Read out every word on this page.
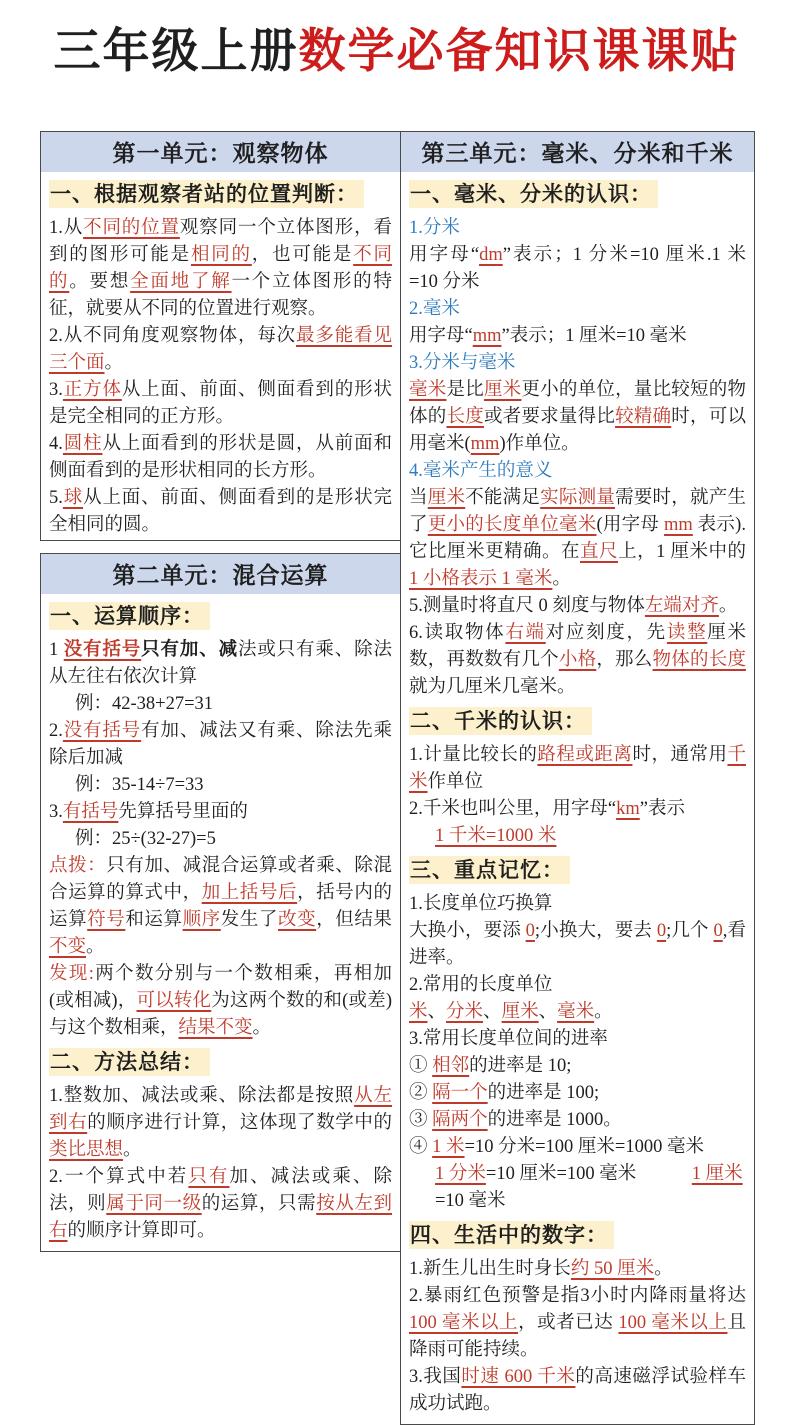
三年级上册数学必备知识课课贴
第一单元：观察物体
一、根据观察者站的位置判断：

1.从不同的位置观察同一个立体图形，看到的图形可能是相同的，也可能是不同的。要想全面地了解一个立体图形的特征，就要从不同的位置进行观察。

2.从不同角度观察物体，每次最多能看见三个面。

3.正方体从上面、前面、侧面看到的形状是完全相同的正方形。

4.圆柱从上面看到的形状是圆，从前面和侧面看到的是形状相同的长方形。

5.球从上面、前面、侧面看到的是形状完全相同的圆。

第二单元：混合运算
一、运算顺序：

1 没有括号只有加、减法或只有乘、除法从左往右依次计算

例：42-38+27=31

2.没有括号有加、减法又有乘、除法先乘除后加减

例：35-14÷7=33

3.有括号先算括号里面的

例：25÷(32-27)=5

点拨：只有加、减混合运算或者乘、除混合运算的算式中，加上括号后，括号内的运算符号和运算顺序发生了改变，但结果不变。

发现:两个数分别与一个数相乘，再相加(或相减)，可以转化为这两个数的和(或差)与这个数相乘，结果不变。

二、方法总结：

1.整数加、减法或乘、除法都是按照从左到右的顺序进行计算，这体现了数学中的类比思想。

2.一个算式中若只有加、减法或乘、除法，则属于同一级的运算，只需按从左到右的顺序计算即可。

第三单元：毫米、分米和千米
一、毫米、分米的认识：

1.分米

用字母“dm”表示；1 分米=10 厘米.1 米=10 分米

2.毫米

用字母“mm”表示；1 厘米=10 毫米

3.分米与毫米

毫米是比厘米更小的单位，量比较短的物体的长度或者要求量得比较精确时，可以用毫米(mm)作单位。

4.毫米产生的意义

当厘米不能满足实际测量需要时，就产生了更小的长度单位毫米(用字母 mm 表示).它比厘米更精确。在直尺上，1 厘米中的 1 小格表示 1 毫米。

5.测量时将直尺 0 刻度与物体左端对齐。

6.读取物体右端对应刻度，先读整厘米数，再数数有几个小格，那么物体的长度就为几厘米几毫米。

二、千米的认识：

1.计量比较长的路程或距离时，通常用千米作单位

2.千米也叫公里，用字母“km”表示

1 千米=1000 米

三、重点记忆：

1.长度单位巧换算

大换小，要添 0;小换大，要去 0;几个 0,看进率。

2.常用的长度单位

米、分米、厘米、毫米。

3.常用长度单位间的进率

① 相邻的进率是 10;

② 隔一个的进率是 100;

③ 隔两个的进率是 1000。

④ 1 米=10 分米=100 厘米=1000 毫米

1 分米=10 厘米=100 毫米　　　	1 厘米=10 毫米

四、生活中的数字：

1.新生儿出生时身长约 50 厘米。

2.暴雨红色预警是指3小时内降雨量将达 100 毫米以上，或者已达 100 毫米以上且降雨可能持续。

3.我国时速 600 千米的高速磁浮试验样车成功试跑。
